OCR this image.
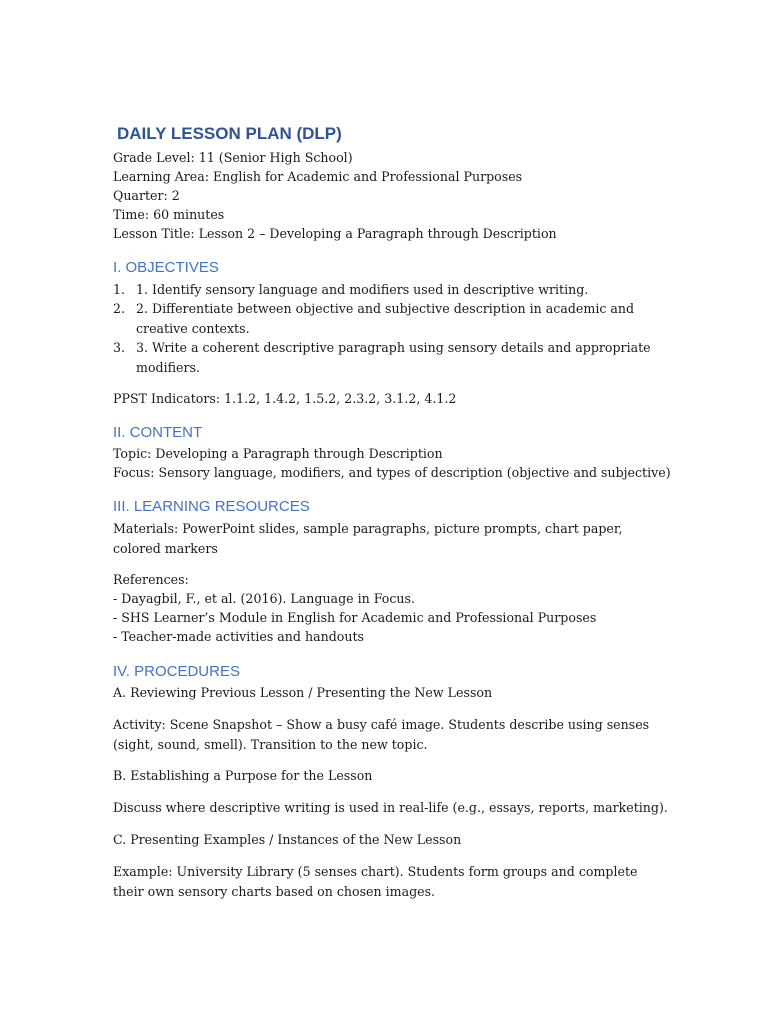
DAILY LESSON PLAN (DLP)
Grade Level: 11 (Senior High School)
Learning Area: English for Academic and Professional Purposes
Quarter: 2
Time: 60 minutes
Lesson Title: Lesson 2 – Developing a Paragraph through Description
I. OBJECTIVES
1. 1. Identify sensory language and modifiers used in descriptive writing.
2. 2. Differentiate between objective and subjective description in academic and creative contexts.
3. 3. Write a coherent descriptive paragraph using sensory details and appropriate modifiers.
PPST Indicators: 1.1.2, 1.4.2, 1.5.2, 2.3.2, 3.1.2, 4.1.2
II. CONTENT
Topic: Developing a Paragraph through Description
Focus: Sensory language, modifiers, and types of description (objective and subjective)
III. LEARNING RESOURCES
Materials: PowerPoint slides, sample paragraphs, picture prompts, chart paper, colored markers
References:
- Dayagbil, F., et al. (2016). Language in Focus.
- SHS Learner’s Module in English for Academic and Professional Purposes
- Teacher-made activities and handouts
IV. PROCEDURES
A. Reviewing Previous Lesson / Presenting the New Lesson
Activity: Scene Snapshot – Show a busy café image. Students describe using senses (sight, sound, smell). Transition to the new topic.
B. Establishing a Purpose for the Lesson
Discuss where descriptive writing is used in real-life (e.g., essays, reports, marketing).
C. Presenting Examples / Instances of the New Lesson
Example: University Library (5 senses chart). Students form groups and complete their own sensory charts based on chosen images.
